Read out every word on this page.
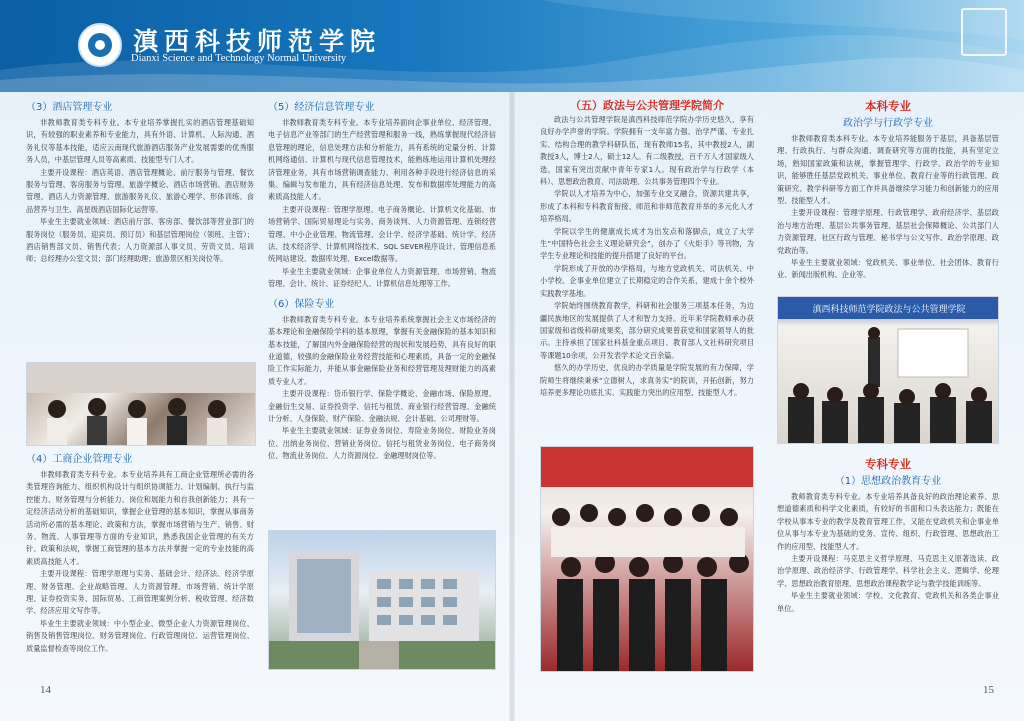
滇西科技师范学院
Dianxi Science and Technology Normal University
（3）酒店管理专业

非教师教育类专科专业。本专业培养掌握扎实的酒店管理基础知识，有较强的职业素养和专业能力，具有外语、计算机、人际沟通、酒务礼仪等基本技能，适应云南现代旅游酒店服务产业发展需要的优秀服务人员，中基层管理人员等高素质、技能型专门人才。

主要开设课程：酒店英语、酒店管理概论、前厅服务与管理、餐饮服务与管理、客房服务与管理、旅游学概论、酒店市场营销、酒店财务管理、酒店人力资源管理、旅游服务礼仪、旅游心理学、形体训练、食品营养与卫生、高星级酒店国际化运营等。

毕业生主要就业领域：酒店前厅部、客房部、餐饮部等营业部门的服务岗位（服务员、迎宾员、预订员）和基层管理岗位（领班、主管）；酒店销售部文员、销售代表；人力资源部人事文员、劳资文员、培训师；总经理办公室文员；部门经理助理；旅游景区相关岗位等。

（4）工商企业管理专业

非教师教育类专科专业。本专业培养具有工商企业管理所必需的各类管理咨询能力、组织机构设计与组织协调能力、计划编制、执行与监控能力、财务管理与分析能力、岗位和展能力和自我创新能力；具有一定经济活动分析的基础知识，掌握企业管理的基本知识，掌握从事商务活动所必需的基本理论、政策和方法，掌握市场营销与生产、销售、财务、物流、人事管理等方面的专业知识，熟悉我国企业管理的有关方针、政策和法规，掌握工商管理的基本方法并掌握一定的专业技能的高素质高技能人才。

主要开设课程：管理学原理与实务、基础会计、经济法、经济学原理、财务管理、企业战略管理、人力资源管理、市场营销、统计学原理、证券投资实务、国际贸易、工商管理案例分析、税收管理、经济数学、经济应用文写作等。

毕业生主要就业领域：中小型企业、微型企业人力资源管理岗位、销售及销售管理岗位、财务管理岗位、行政管理岗位、运营管理岗位、质量监督检查等岗位工作。

（5）经济信息管理专业

非教师教育类专科专业。本专业培养面向企事业单位、经济管理、电子信息产业等部门的生产经营管理和服务一线，熟练掌握现代经济信息管理的理论，信息处理方法和分析能力，具有系统的定量分析、计算机网络通信、计算机与现代信息管理技术，能熟练地运用计算机处理经济管理业务，具有市场营销调查能力、利用各种手段进行经济信息的采集、编辑与发布能力，具有经济信息处理、发布和数据库处理能力的高素质高技能人才。

主要开设课程：管理学原理、电子商务概论、计算机文化基础、市场营销学、国际贸易理论与实务、商务谈判、人力资源管理、连锁经营管理、中小企业管理、物流管理、会计学、经济学基础、统计学、经济法、技术经济学、计算机网络技术、SQL SEVER程序设计、管理信息系统网站建设、数据库处理、Excel数据等。

毕业生主要就业领域：企事业单位人力资源管理、市场营销、物流管理、会计、统计、证券经纪人、计算机信息处理等工作。

（6）保险专业

非教师教育类专科专业。本专业培养系统掌握社会主义市场经济的基本理论和金融保险学科的基本原理，掌握有关金融保险的基本知识和基本技能，了解国内外金融保险经营的现状和发展趋势，具有良好的职业道德，较强的金融保险业务经营技能和心理素质，具备一定的金融保险工作实际能力，并能从事金融保险业务和经营管理及理财能力的高素质专业人才。

主要开设课程：货币银行学、保险学概论、金融市场、保险原理、金融衍生交易、证券投资学、信托与租赁、商业银行经营管理、金融统计分析、人身保险、财产保险、金融法规、会计基础、公司理财等。

毕业生主要就业领域：证券业务岗位、寿险业务岗位、财险业务岗位、出纳业务岗位、营销业务岗位、信托与租赁业务岗位、电子商务岗位、物流业务岗位、人力资源岗位、金融理财岗位等。

（五）政法与公共管理学院简介

政法与公共管理学院是滇西科技师范学院办学历史悠久、享有良好办学声誉的学院。学院拥有一支年富力强、治学严谨、专业扎实、结构合理的教学科研队伍，现有教师15名，其中教授2人，副教授3人，博士2人，硕士12人。有二级教授，百千万人才国家级人选，国家有突出贡献中青年专家1人。现有政治学与行政学（本科）、思想政治教育、司法助理、公共事务管理四个专业。

学院以人才培养为中心，加强专业交叉融合，资源共建共享，形成了本科和专科教育衔接、师范和非师范教育并举的多元化人才培养格局。

学院以学生的健康成长成才为出发点和落脚点，成立了大学生“中国特色社会主义理论研究会”，创办了《火炬手》等刊物，为学生专业理论和技能的提升搭建了良好的平台。

学院形成了开放的办学格局，与地方党政机关、司法机关、中小学校、企事业单位建立了长期稳定的合作关系，建成十余个校外实践教学基地。

学院始终围绕教育教学，科研和社会服务三项基本任务，为边疆民族地区的发展提供了人才和智力支持。近年来学院教师承办获国家级和省级科研成果奖，部分研究成果曾获党和国家领导人的批示。主持承担了国家社科基金重点项目、教育部人文社科研究项目等课题10余项，公开发表学术论文百余篇。

悠久的办学历史，优良的办学质量是学院发展的有力保障，学院师生将继续秉承“立德树人，求真务实”的院训，开拓创新，努力培养更多理论功底扎实、实践能力突出的应用型、技能型人才。

本科专业
政治学与行政学专业

非教师教育类本科专业。本专业培养能服务于基层，具备基层管理、行政执行、与群众沟通、调查研究等方面的技能，具有坚定立场，熟知国家政策和法规，掌握管理学、行政学、政治学的专业知识，能够胜任基层党政机关、事业单位、教育行业等的行政管理、政策研究、教学科研等方面工作并具备继续学习能力和创新能力的应用型、技能型人才。

主要开设课程：管理学原理、行政管理学、政府经济学、基层政治与地方治理、基层公共事务管理、基层社会保障概论、公共部门人力资源管理、社区行政与管理、秘书学与公文写作、政治学原理、政党政治等。

毕业生主要就业领域：党政机关、事业单位、社会团体、教育行业、新闻出版机构、企业等。

滇西科技师范学院政法与公共管理学院
专科专业
（1）思想政治教育专业

教师教育类专科专业。本专业培养具备良好的政治理论素养、思想道德素质和科学文化素质，有较好的书面和口头表达能力；既能在学校从事本专业的教学及教育管理工作，又能在党政机关和企事业单位从事与本专业为基础的党务、宣传、组织、行政管理、思想政治工作的应用型、技能型人才。

主要开设课程：马克思主义哲学原理、马克思主义原著选读、政治学原理、政治经济学、行政管理学、科学社会主义、逻辑学、伦理学、思想政治教育原理、思想政治课程教学论与教学技能训练等。

毕业生主要就业领域：学校、文化教育、党政机关和各类企事业单位。

14	15
